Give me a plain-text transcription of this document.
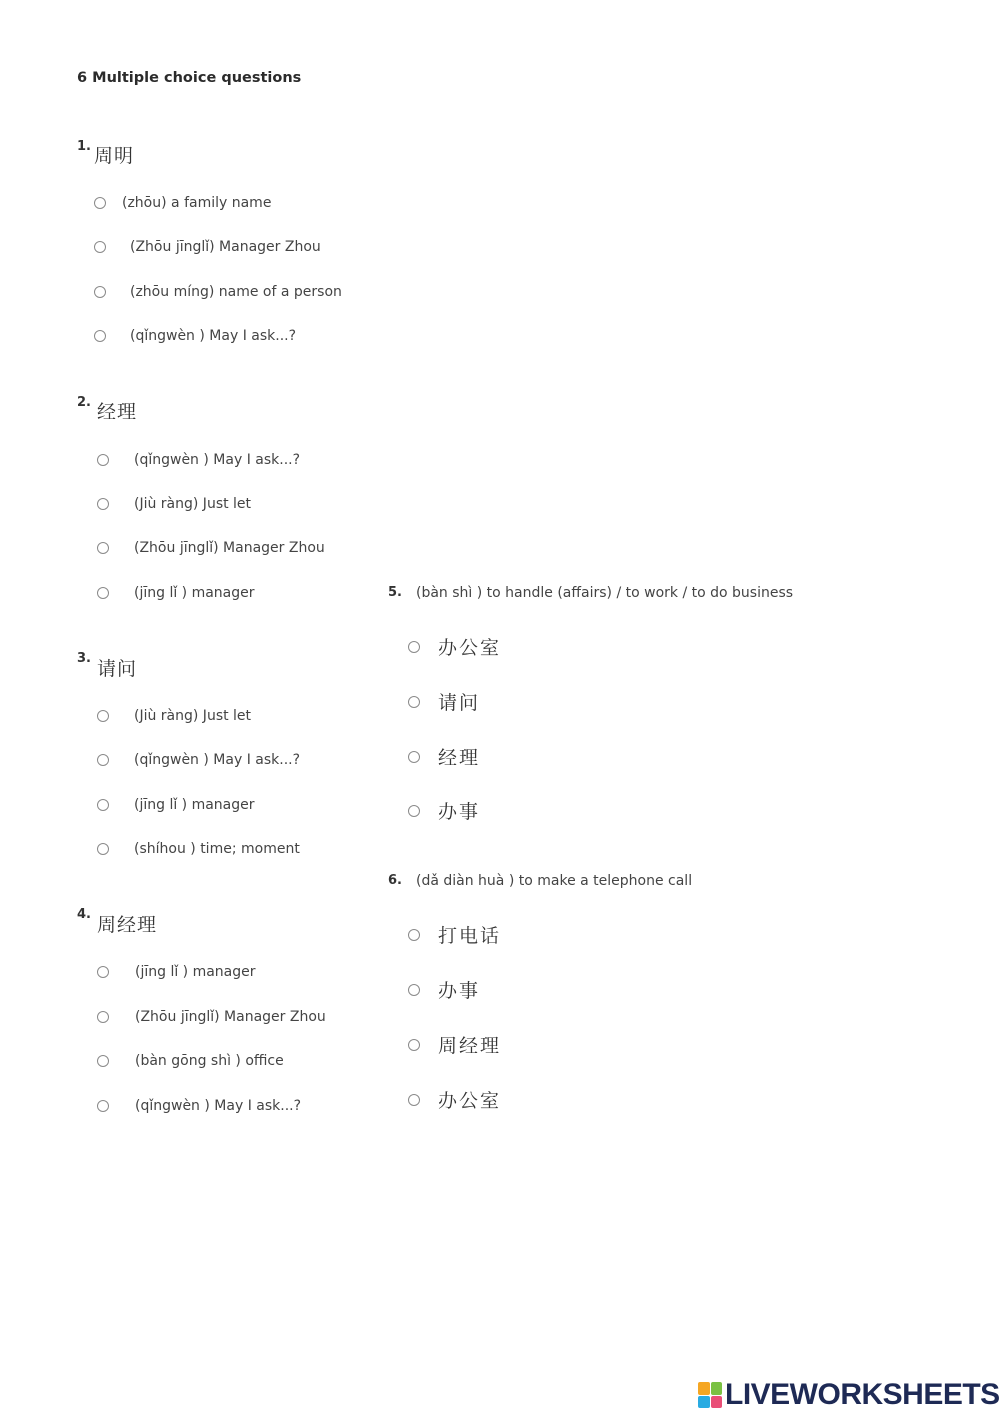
6 Multiple choice questions
1. 周明
(zhōu) a family name
(Zhōu jīnglǐ) Manager Zhou
(zhōu míng) name of a person
(qǐngwèn ) May I ask...?
2. 经理
(qǐngwèn ) May I ask...?
(Jiù ràng) Just let
(Zhōu jīnglǐ) Manager Zhou
(jīng lǐ ) manager
3. 请问
(Jiù ràng) Just let
(qǐngwèn ) May I ask...?
(jīng lǐ ) manager
(shíhou ) time; moment
4. 周经理
(jīng lǐ ) manager
(Zhōu jīnglǐ) Manager Zhou
(bàn gōng shì ) office
(qǐngwèn ) May I ask...?
5. (bàn shì ) to handle (affairs) / to work / to do business
办公室
请问
经理
办事
6. (dǎ diàn huà ) to make a telephone call
打电话
办事
周经理
办公室
LIVEWORKSHEETS
